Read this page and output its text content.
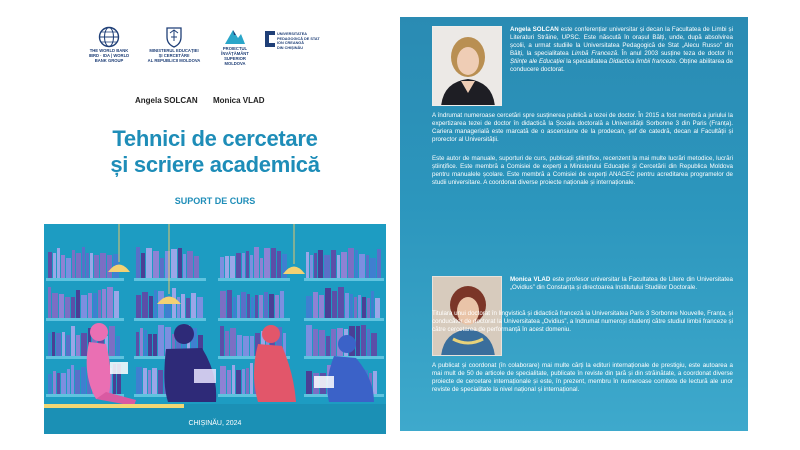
THE WORLD BANK
IBRD · IDA | WORLD BANK GROUP
MINISTERUL EDUCAȚIEI
ȘI CERCETĂRII
AL REPUBLICII MOLDOVA
PROIECTUL
ÎNVĂȚĂMÂNT
SUPERIOR
MOLDOVA
UNIVERSITATEA
PEDAGOGICĂ DE STAT
ION CREANGĂ
DIN CHIȘINĂU
Angela SOLCAN Monica VLAD
Tehnici de cercetare
și scriere academică
SUPORT DE CURS
CHIȘINĂU, 2024
Angela SOLCAN este conferențiar universitar și decan la Facultatea de Limbi și Literaturi Străine, UPSC. Este născută în orașul Bălți, unde, după absolvirea școlii, a urmat studiile la Universitatea Pedagogică de Stat „Alecu Russo” din Bălți, la specialitatea Limbă Franceză. În anul 2003 susține teza de doctor în Științe ale Educației la specialitatea Didactica limbii franceze. Obține abilitarea de conducere doctorat.
A îndrumat numeroase cercetări spre susținerea publică a tezei de doctor. În 2015 a fost membră a juriului la expertizarea tezei de doctor în didactică la Școala doctorală a Universității Sorbonne 3 din Paris (Franța). Cariera managerială este marcată de o ascensiune de la prodecan, șef de catedră, decan al Facultății și prorector al Universității.
Este autor de manuale, suporturi de curs, publicații științifice, recenzent la mai multe lucrări metodice, lucrări științifice. Este membră a Comisiei de experți a Ministerului Educației și Cercetării din Republica Moldova pentru manualele școlare. Este membră a Comisiei de experți ANACEC pentru acreditarea programelor de studii universitare. A coordonat diverse proiecte naționale și internaționale.
Monica VLAD este profesor universitar la Facultatea de Litere din Universitatea „Ovidius” din Constanța și directoarea Institutului Studiilor Doctorale.
Titulara unui doctorat în lingvistică și didactică franceză la Universitatea Paris 3 Sorbonne Nouvelle, Franța, și conducător de doctorat la Universitatea „Ovidius”, a îndrumat numeroși studenți către studiul limbii franceze și către cercetarea de performanță în acest domeniu.
A publicat și coordonat (în colaborare) mai multe cărți la edituri internaționale de prestigiu, este autoarea a mai mult de 50 de articole de specialitate, publicate în reviste din țară și din străinătate, a coordonat diverse proiecte de cercetare internaționale și este, în prezent, membru în numeroase comitete de lectură ale unor reviste de specialitate la nivel național și internațional.
